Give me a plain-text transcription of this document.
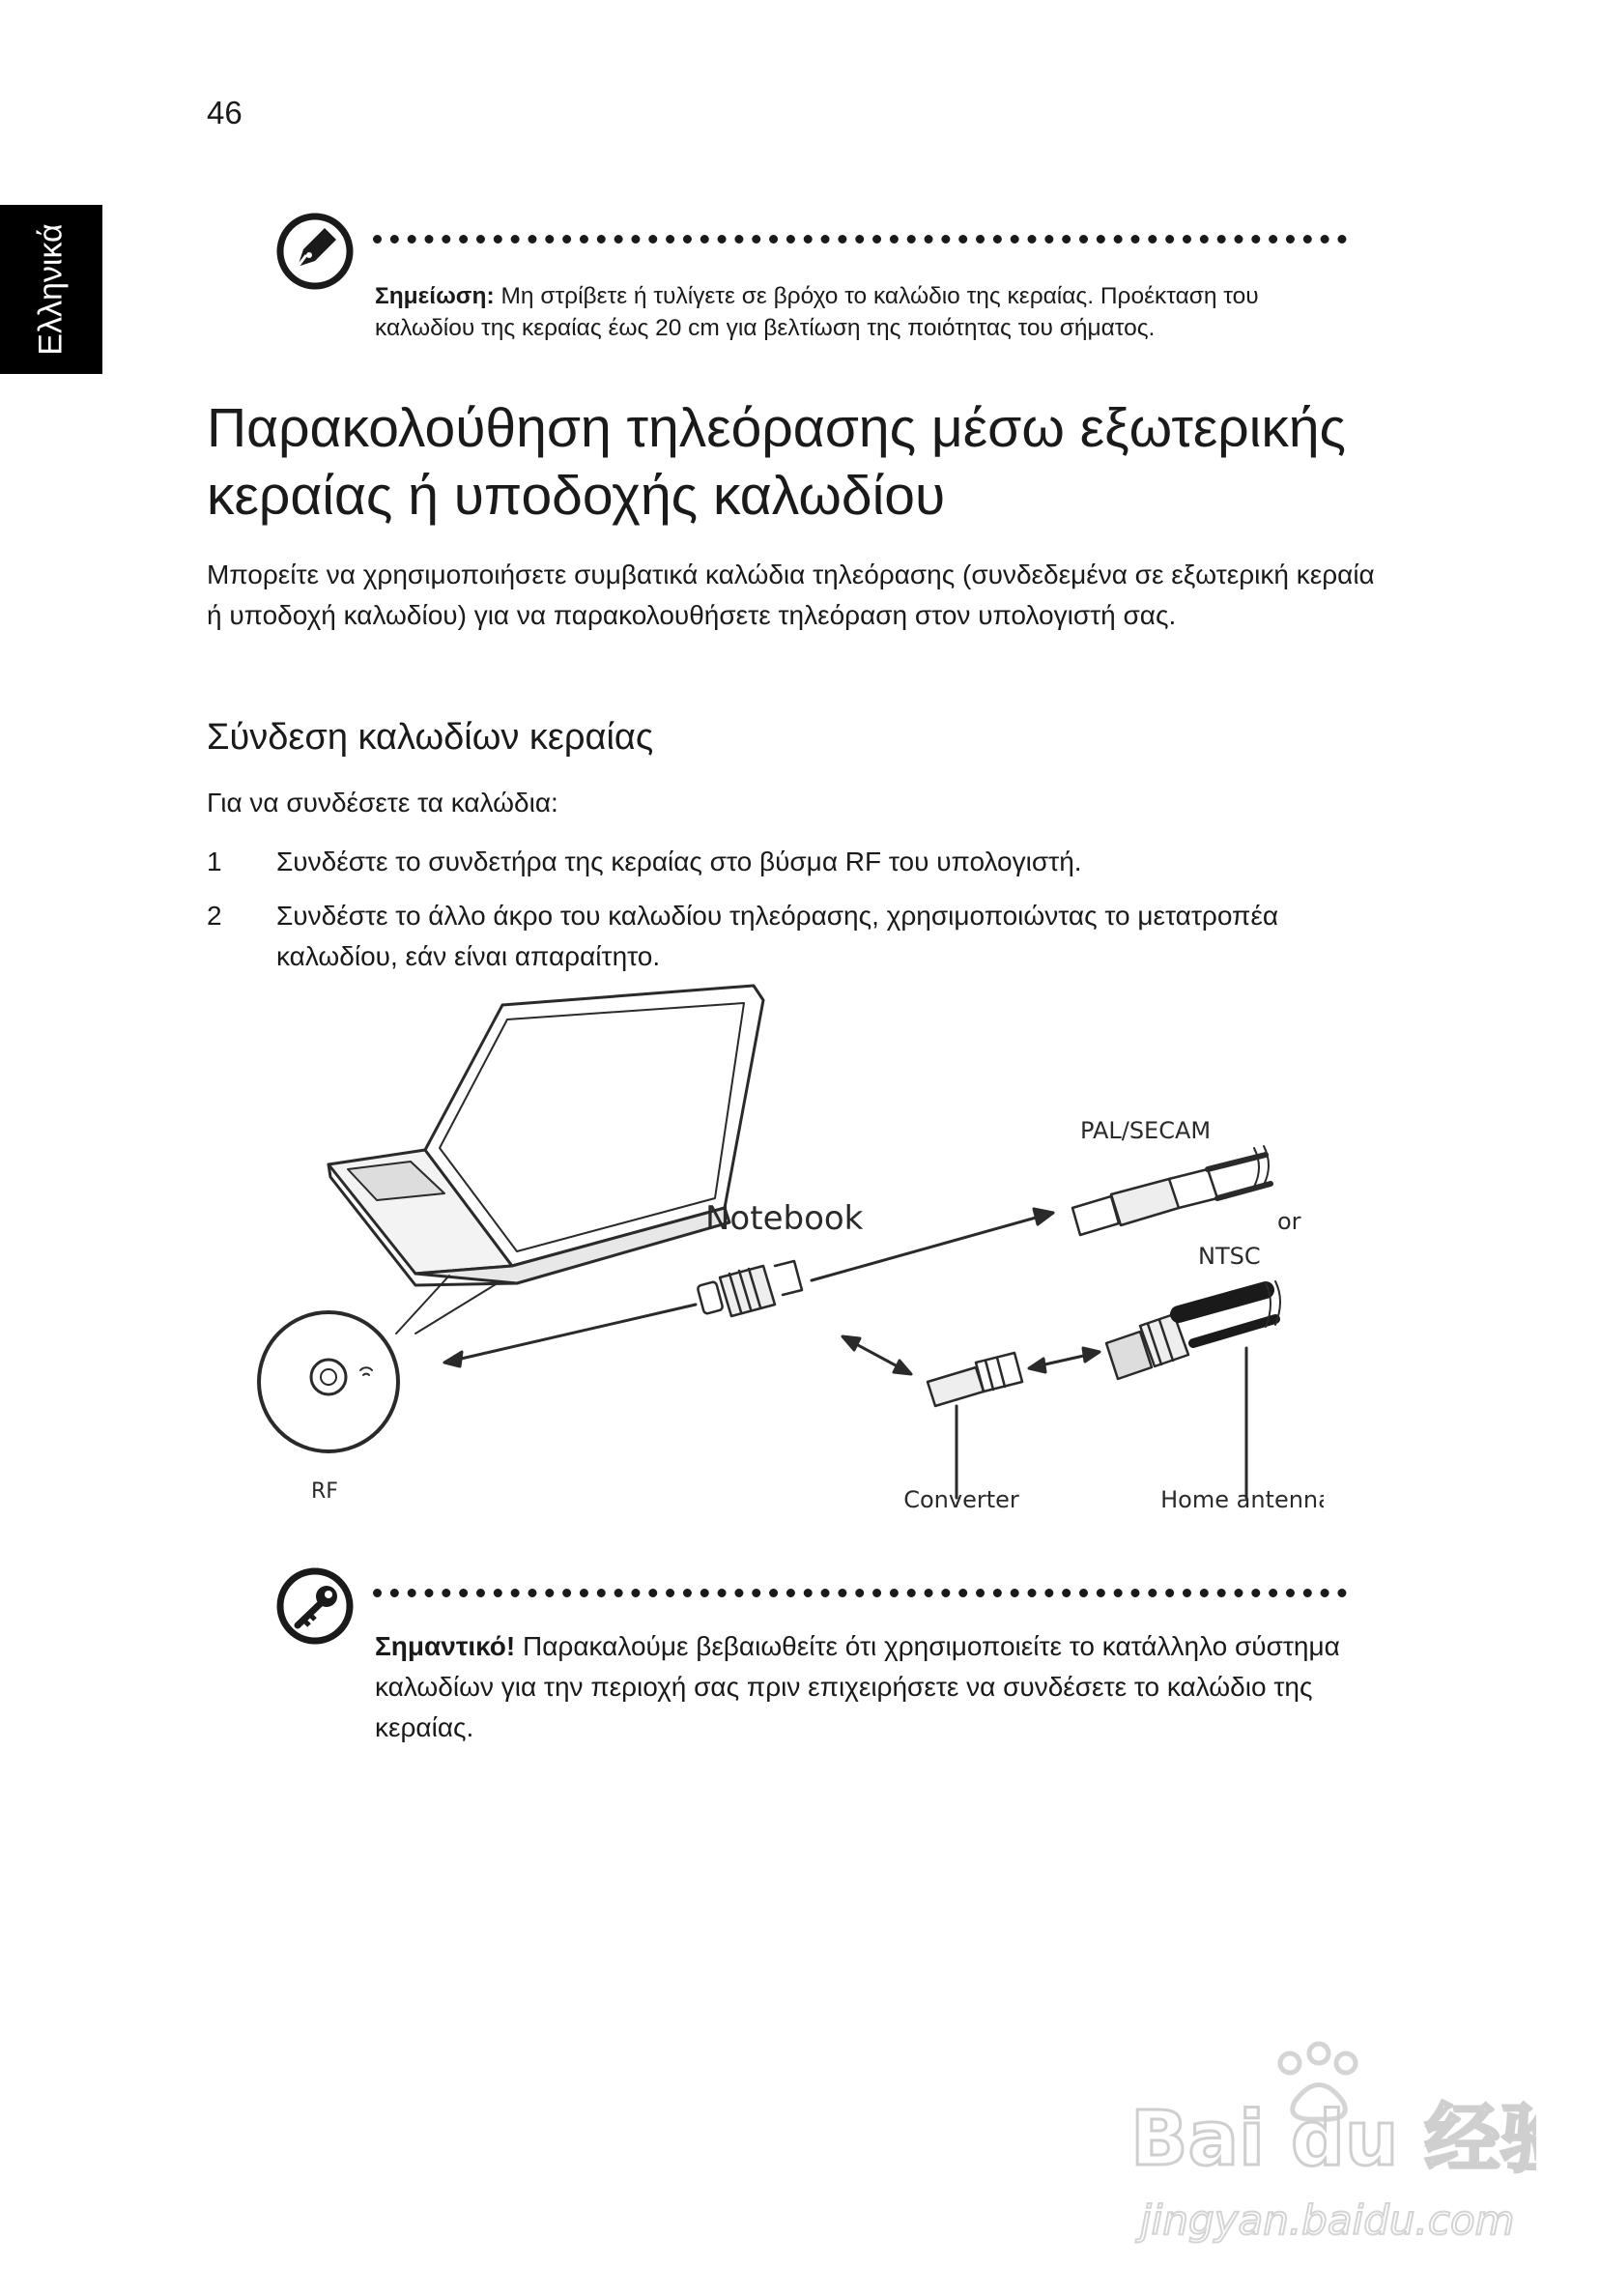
46
Ελληνικά	Σημείωση: Μη στρίβετε ή τυλίγετε σε βρόχο το καλώδιο της κεραίας. Προέκταση του καλωδίου της κεραίας έως 20 cm για βελτίωση της ποιότητας του σήματος.
Παρακολούθηση τηλεόρασης μέσω εξωτερικής κεραίας ή υποδοχής καλωδίου

Μπορείτε να χρησιμοποιήσετε συμβατικά καλώδια τηλεόρασης (συνδεδεμένα σε εξωτερική κεραία ή υποδοχή καλωδίου) για να παρακολουθήσετε τηλεόραση στον υπολογιστή σας.

Σύνδεση καλωδίων κεραίας
Για να συνδέσετε τα καλώδια:
1	Συνδέστε το συνδετήρα της κεραίας στο βύσμα RF του υπολογιστή.
2	Συνδέστε το άλλο άκρο του καλωδίου τηλεόρασης, χρησιμοποιώντας το μετατροπέα καλωδίου, εάν είναι απαραίτητο.
Notebook
PAL/SECAM
or
NTSC
RF	Converter	Home antenna
Σημαντικό! Παρακαλούμε βεβαιωθείτε ότι χρησιμοποιείτε το κατάλληλο σύστημα καλωδίων για την περιοχή σας πριν επιχειρήσετε να συνδέσετε το καλώδιο της κεραίας.
Bai du 经验
jingyan.baidu.com
